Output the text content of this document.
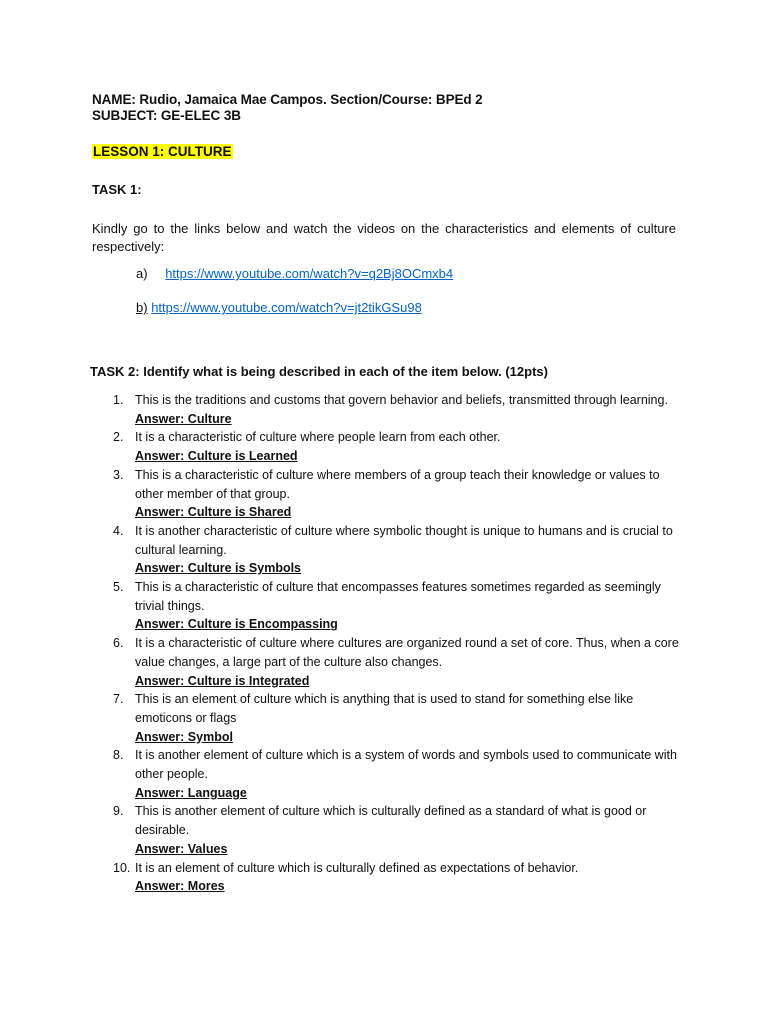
NAME: Rudio, Jamaica Mae Campos. Section/Course: BPEd 2
SUBJECT: GE-ELEC 3B
LESSON 1: CULTURE
TASK 1:
Kindly go to the links below and watch the videos on the characteristics and elements of culture respectively:
a) https://www.youtube.com/watch?v=q2Bj8OCmxb4
b) https://www.youtube.com/watch?v=jt2tikGSu98
TASK 2: Identify what is being described in each of the item below. (12pts)
1. This is the traditions and customs that govern behavior and beliefs, transmitted through learning.
Answer: Culture
2. It is a characteristic of culture where people learn from each other.
Answer: Culture is Learned
3. This is a characteristic of culture where members of a group teach their knowledge or values to other member of that group.
Answer: Culture is Shared
4. It is another characteristic of culture where symbolic thought is unique to humans and is crucial to cultural learning.
Answer: Culture is Symbols
5. This is a characteristic of culture that encompasses features sometimes regarded as seemingly trivial things.
Answer: Culture is Encompassing
6. It is a characteristic of culture where cultures are organized round a set of core. Thus, when a core value changes, a large part of the culture also changes.
Answer: Culture is Integrated
7. This is an element of culture which is anything that is used to stand for something else like emoticons or flags
Answer: Symbol
8. It is another element of culture which is a system of words and symbols used to communicate with other people.
Answer: Language
9. This is another element of culture which is culturally defined as a standard of what is good or desirable.
Answer: Values
10. It is an element of culture which is culturally defined as expectations of behavior.
Answer: Mores
